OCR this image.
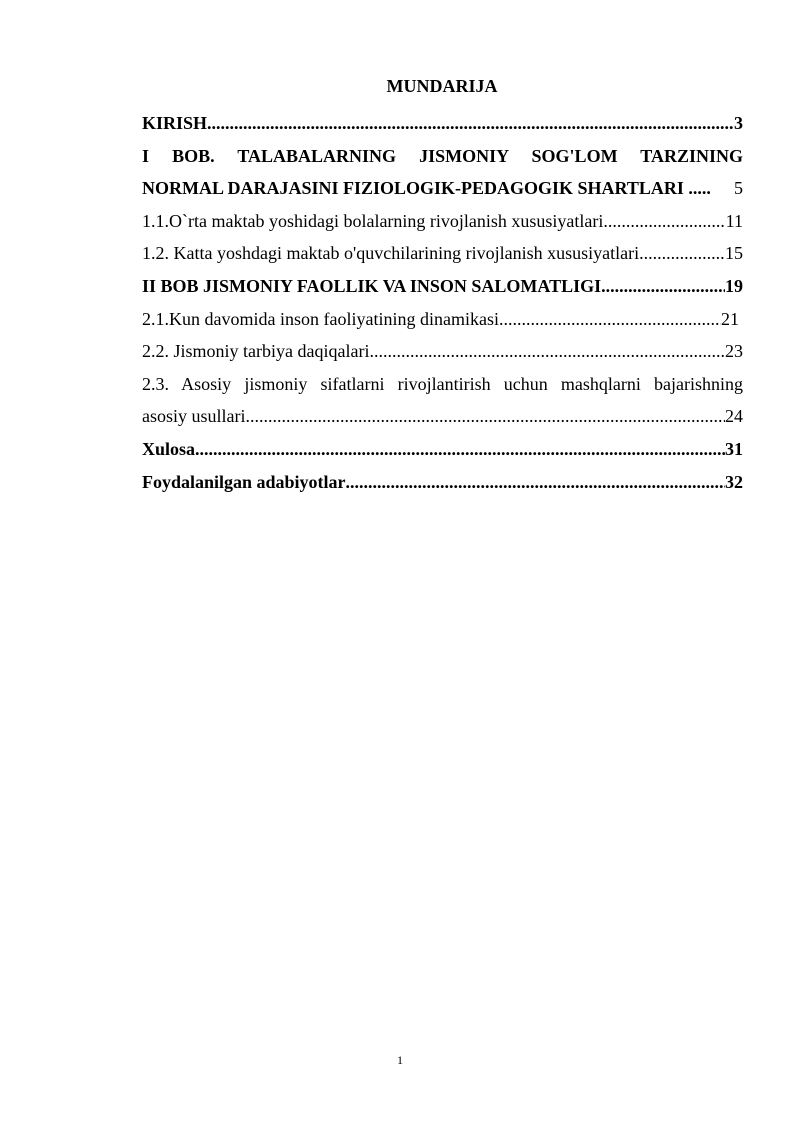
MUNDARIJA
KIRISH .....	3
I BOB. TALABALARNING JISMONIY SOG'LOM TARZINING
NORMAL DARAJASINI FIZIOLOGIK-PEDAGOGIK SHARTLARI ..... 5
1.1.O`rta maktab yoshidagi bolalarning rivojlanish xususiyatlari .....	11
1.2. Katta yoshdagi maktab o'quvchilarining rivojlanish xususiyatlari .....	15
II BOB JISMONIY FAOLLIK VA INSON SALOMATLIGI .....	19
2.1.Kun davomida inson faoliyatining dinamikasi .....	21
2.2. Jismoniy tarbiya daqiqalari .....	23
2.3. Asosiy jismoniy sifatlarni rivojlantirish uchun mashqlarni bajarishning
asosiy usullari .....	24
Xulosa .....	31
Foydalanilgan adabiyotlar .....	32
1
